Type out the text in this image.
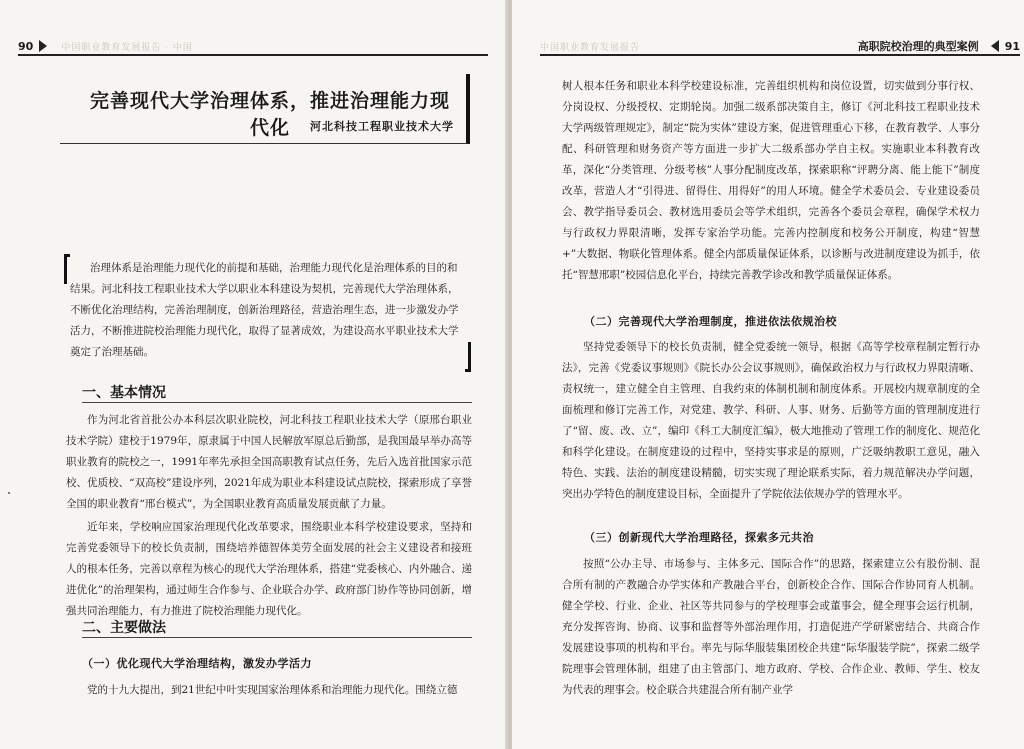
90	中国职业教育发展报告 · 中国
完善现代大学治理体系，推进治理能力现代化	河北科技工程职业技术大学

治理体系是治理能力现代化的前提和基础，治理能力现代化是治理体系的目的和结果。河北科技工程职业技术大学以职业本科建设为契机，完善现代大学治理体系，不断优化治理结构，完善治理制度，创新治理路径，营造治理生态，进一步激发办学活力，不断推进院校治理能力现代化，取得了显著成效，为建设高水平职业技术大学奠定了治理基础。

一、基本情况

作为河北省首批公办本科层次职业院校，河北科技工程职业技术大学（原邢台职业技术学院）建校于1979年，原隶属于中国人民解放军原总后勤部，是我国最早举办高等职业教育的院校之一，1991年率先承担全国高职教育试点任务，先后入选首批国家示范校、优质校、“双高校”建设序列，2021年成为职业本科建设试点院校，探索形成了享誉全国的职业教育“邢台模式”，为全国职业教育高质量发展贡献了力量。

近年来，学校响应国家治理现代化改革要求，围绕职业本科学校建设要求，坚持和完善党委领导下的校长负责制，围绕培养德智体美劳全面发展的社会主义建设者和接班人的根本任务，完善以章程为核心的现代大学治理体系，搭建“党委核心、内外融合、递进优化”的治理架构，通过师生合作参与、企业联合办学、政府部门协作等协同创新，增强共同治理能力，有力推进了院校治理能力现代化。

二、主要做法
（一）优化现代大学治理结构，激发办学活力

党的十九大提出，到21世纪中叶实现国家治理体系和治理能力现代化。围绕立德

中国职业教育发展报告	高职院校治理的典型案例 91

树人根本任务和职业本科学校建设标准，完善组织机构和岗位设置，切实做到分事行权、分岗设权、分级授权、定期轮岗。加强二级系部决策自主，修订《河北科技工程职业技术大学两级管理规定》，制定“院为实体”建设方案，促进管理重心下移，在教育教学、人事分配、科研管理和财务资产等方面进一步扩大二级系部办学自主权。实施职业本科教育改革，深化“分类管理、分级考核”人事分配制度改革，探索职称“评聘分离、能上能下”制度改革，营造人才“引得进、留得住、用得好”的用人环境。健全学术委员会、专业建设委员会、教学指导委员会、教材选用委员会等学术组织，完善各个委员会章程，确保学术权力与行政权力界限清晰，发挥专家治学功能。完善内控制度和校务公开制度，构建“智慧+”大数据、物联化管理体系。健全内部质量保证体系，以诊断与改进制度建设为抓手，依托“智慧邢职”校园信息化平台，持续完善教学诊改和教学质量保证体系。

（二）完善现代大学治理制度，推进依法依规治校

坚持党委领导下的校长负责制，健全党委统一领导，根据《高等学校章程制定暂行办法》，完善《党委议事规则》《院长办公会议事规则》，确保政治权力与行政权力界限清晰、责权统一，建立健全自主管理、自我约束的体制机制和制度体系。开展校内规章制度的全面梳理和修订完善工作，对党建、教学、科研、人事、财务、后勤等方面的管理制度进行了“留、废、改、立”，编印《科工大制度汇编》，极大地推动了管理工作的制度化、规范化和科学化建设。在制度建设的过程中，坚持实事求是的原则，广泛吸纳教职工意见，融入特色、实践、法治的制度建设精髓，切实实现了理论联系实际，着力规范解决办学问题，突出办学特色的制度建设目标，全面提升了学院依法依规办学的管理水平。

（三）创新现代大学治理路径，探索多元共治

按照“公办主导、市场参与、主体多元、国际合作”的思路，探索建立公有股份制、混合所有制的产教融合办学实体和产教融合平台，创新校企合作、国际合作协同育人机制。健全学校、行业、企业、社区等共同参与的学校理事会或董事会，健全理事会运行机制，充分发挥咨询、协商、议事和监督等外部治理作用，打造促进产学研紧密结合、共商合作发展建设事项的机构和平台。率先与际华服装集团校企共建“际华服装学院”，探索二级学院理事会管理体制，组建了由主管部门、地方政府、学校、合作企业、教师、学生、校友为代表的理事会。校企联合共建混合所有制产业学
